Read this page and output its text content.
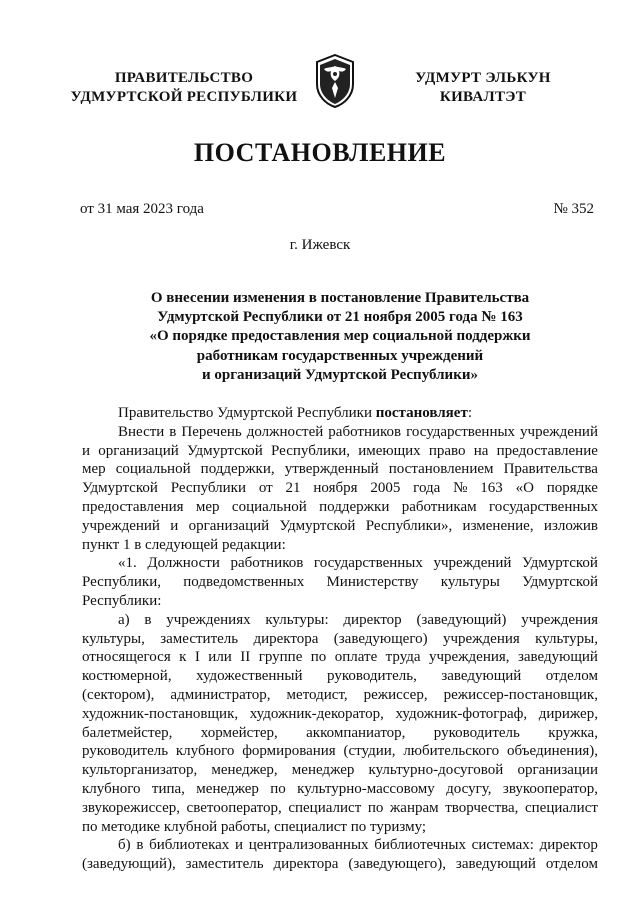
ПРАВИТЕЛЬСТВО
УДМУРТСКОЙ РЕСПУБЛИКИ
УДМУРТ ЭЛЬКУН
КИВАЛТЭТ
ПОСТАНОВЛЕНИЕ
от 31 мая 2023 года	№ 352
г. Ижевск
О внесении изменения в постановление Правительства
Удмуртской Республики от 21 ноября 2005 года № 163
«О порядке предоставления мер социальной поддержки
работникам государственных учреждений
и организаций Удмуртской Республики»
Правительство Удмуртской Республики постановляет:
Внести в Перечень должностей работников государственных учреждений
и организаций Удмуртской Республики, имеющих право на предоставление
мер социальной поддержки, утвержденный постановлением Правительства
Удмуртской Республики от 21 ноября 2005 года № 163 «О порядке
предоставления мер социальной поддержки работникам государственных
учреждений и организаций Удмуртской Республики», изменение, изложив
пункт 1 в следующей редакции:
«1. Должности работников государственных учреждений Удмуртской
Республики, подведомственных Министерству культуры Удмуртской
Республики:
а) в учреждениях культуры: директор (заведующий) учреждения
культуры, заместитель директора (заведующего) учреждения культуры,
относящегося к I или II группе по оплате труда учреждения, заведующий
костюмерной, художественный руководитель, заведующий отделом
(сектором), администратор, методист, режиссер, режиссер-постановщик,
художник-постановщик, художник-декоратор, художник-фотограф, дирижер,
балетмейстер, хормейстер, аккомпаниатор, руководитель кружка,
руководитель клубного формирования (студии, любительского объединения),
культорганизатор, менеджер, менеджер культурно-досуговой организации
клубного типа, менеджер по культурно-массовому досугу, звукооператор,
звукорежиссер, светооператор, специалист по жанрам творчества, специалист
по методике клубной работы, специалист по туризму;
б) в библиотеках и централизованных библиотечных системах: директор
(заведующий), заместитель директора (заведующего), заведующий отделом
